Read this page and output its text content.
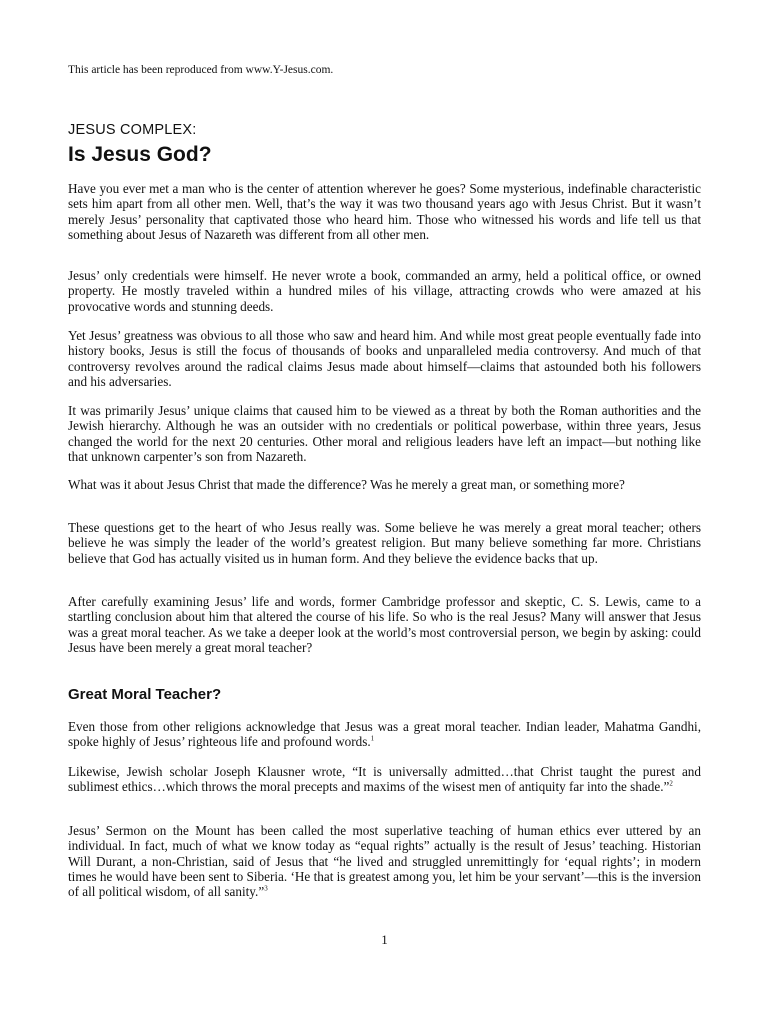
This article has been reproduced from www.Y-Jesus.com.

JESUS COMPLEX:

Is Jesus God?

Have you ever met a man who is the center of attention wherever he goes? Some mysterious, indefinable characteristic sets him apart from all other men. Well, that’s the way it was two thousand years ago with Jesus Christ. But it wasn’t merely Jesus’ personality that captivated those who heard him. Those who witnessed his words and life tell us that something about Jesus of Nazareth was different from all other men.

Jesus’ only credentials were himself. He never wrote a book, commanded an army, held a political office, or owned property. He mostly traveled within a hundred miles of his village, attracting crowds who were amazed at his provocative words and stunning deeds.

Yet Jesus’ greatness was obvious to all those who saw and heard him. And while most great people eventually fade into history books, Jesus is still the focus of thousands of books and unparalleled media controversy. And much of that controversy revolves around the radical claims Jesus made about himself—claims that astounded both his followers and his adversaries.

It was primarily Jesus’ unique claims that caused him to be viewed as a threat by both the Roman authorities and the Jewish hierarchy. Although he was an outsider with no credentials or political powerbase, within three years, Jesus changed the world for the next 20 centuries. Other moral and religious leaders have left an impact—but nothing like that unknown carpenter’s son from Nazareth.

What was it about Jesus Christ that made the difference? Was he merely a great man, or something more?

These questions get to the heart of who Jesus really was. Some believe he was merely a great moral teacher; others believe he was simply the leader of the world’s greatest religion. But many believe something far more. Christians believe that God has actually visited us in human form. And they believe the evidence backs that up.

After carefully examining Jesus’ life and words, former Cambridge professor and skeptic, C. S. Lewis, came to a startling conclusion about him that altered the course of his life. So who is the real Jesus? Many will answer that Jesus was a great moral teacher. As we take a deeper look at the world’s most controversial person, we begin by asking: could Jesus have been merely a great moral teacher?

Great Moral Teacher?

Even those from other religions acknowledge that Jesus was a great moral teacher. Indian leader, Mahatma Gandhi, spoke highly of Jesus’ righteous life and profound words.$^1$

Likewise, Jewish scholar Joseph Klausner wrote, “It is universally admitted…that Christ taught the purest and sublimest ethics…which throws the moral precepts and maxims of the wisest men of antiquity far into the shade.”$^2$

Jesus’ Sermon on the Mount has been called the most superlative teaching of human ethics ever uttered by an individual. In fact, much of what we know today as “equal rights” actually is the result of Jesus’ teaching. Historian Will Durant, a non-Christian, said of Jesus that “he lived and struggled unremittingly for ‘equal rights’; in modern times he would have been sent to Siberia. ‘He that is greatest among you, let him be your servant’—this is the inversion of all political wisdom, of all sanity.”$^3$

1
